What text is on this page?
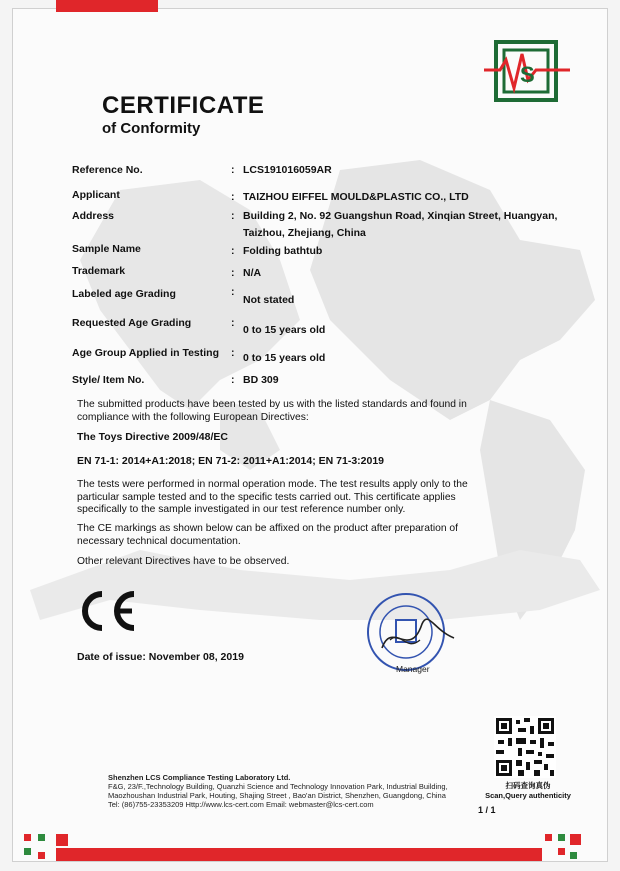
S
CERTIFICATE
of Conformity
Reference No.	: LCS191016059AR
Applicant	: TAIZHOU EIFFEL MOULD&PLASTIC CO., LTD
Address	: Building 2, No. 92 Guangshun Road, Xinqian Street, Huangyan,
Taizhou, Zhejiang, China
Sample Name	: Folding bathtub
Trademark	: N/A
Labeled age Grading	:
Not stated
Requested Age Grading	:
0 to 15 years old
Age Group Applied in Testing : 0 to 15 years old
Style/ Item No.	: BD 309
The submitted products have been tested by us with the listed standards and found in compliance with the following European Directives:
The Toys Directive 2009/48/EC
EN 71-1: 2014+A1:2018; EN 71-2: 2011+A1:2014; EN 71-3:2019
The tests were performed in normal operation mode. The test results apply only to the particular sample tested and to the specific tests carried out. This certificate applies specifically to the sample investigated in our test reference number only.
The CE markings as shown below can be affixed on the product after preparation of necessary technical documentation.
Other relevant Directives have to be observed.
Date of issue: November 08, 2019
Manager
Shenzhen LCS Compliance Testing Laboratory Ltd.
F&G, 23/F.,Technology Building, Quanzhi Science and Technology Innovation Park, Industrial Building,
Maozhoushan Industrial Park, Houting, Shajing Street , Bao'an District, Shenzhen, Guangdong, China
Tel: (86)755-23353209 Http://www.lcs-cert.com Email: webmaster@lcs-cert.com
扫码查询真伪
Scan,Query authenticity
1 / 1
